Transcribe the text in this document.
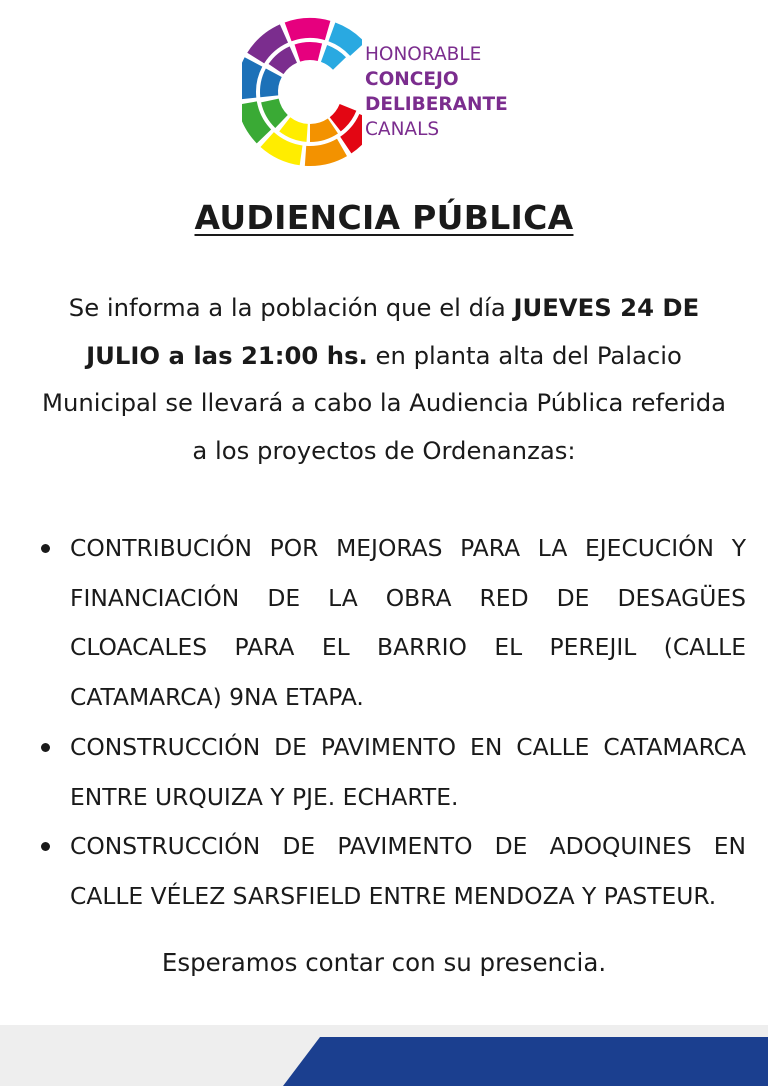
HONORABLE
CONCEJO
DELIBERANTE
CANALS
AUDIENCIA PÚBLICA

Se informa a la población que el día JUEVES 24 DE JULIO a las 21:00 hs. en planta alta del Palacio Municipal se llevará a cabo la Audiencia Pública referida a los proyectos de Ordenanzas:

CONTRIBUCIÓN POR MEJORAS PARA LA EJECUCIÓN Y FINANCIACIÓN DE LA OBRA RED DE DESAGÜES CLOACALES PARA EL BARRIO EL PEREJIL (CALLE CATAMARCA) 9NA ETAPA.
CONSTRUCCIÓN DE PAVIMENTO EN CALLE CATAMARCA ENTRE URQUIZA Y PJE. ECHARTE.
CONSTRUCCIÓN DE PAVIMENTO DE ADOQUINES EN CALLE VÉLEZ SARSFIELD ENTRE MENDOZA Y PASTEUR.
Esperamos contar con su presencia.
